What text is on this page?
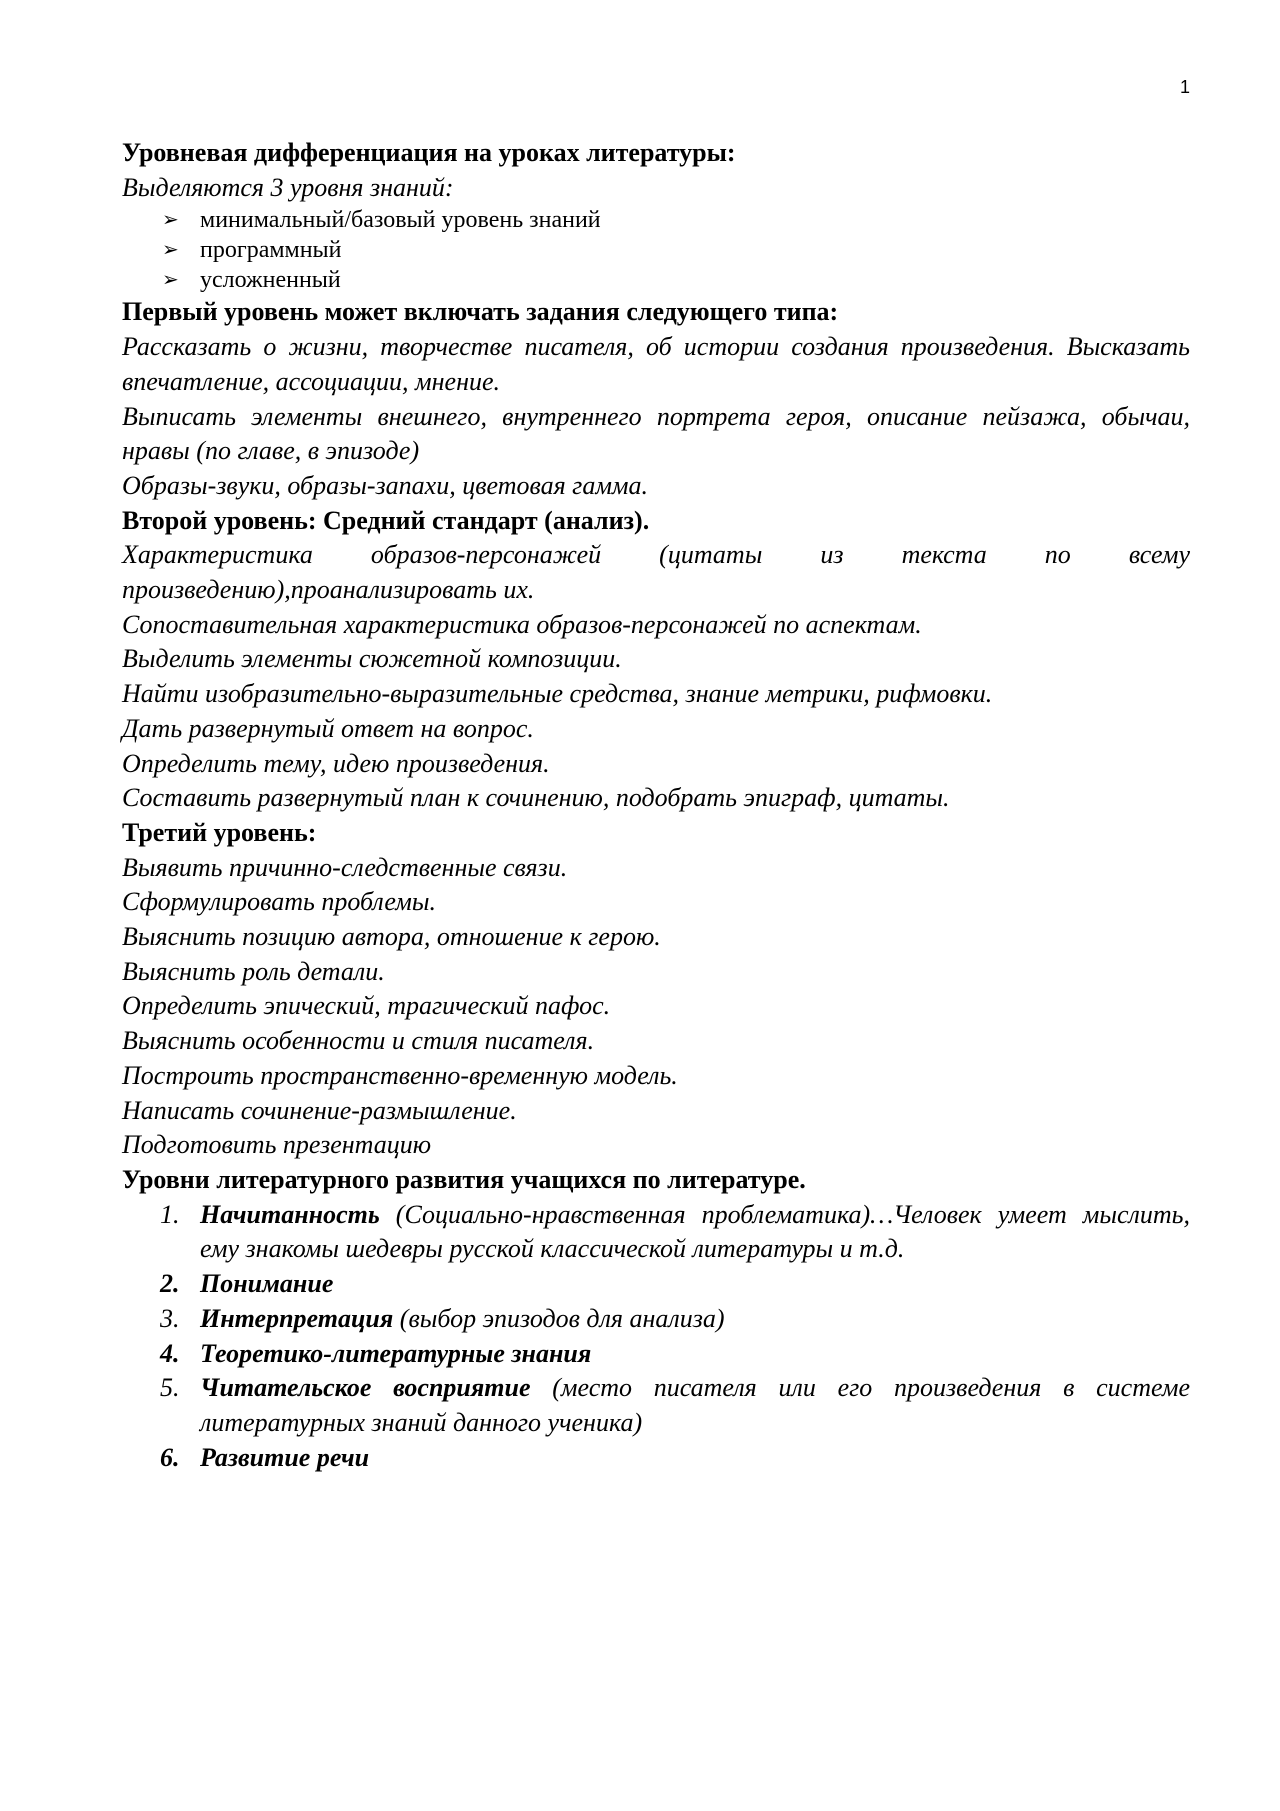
1

Уровневая дифференциация на уроках литературы:

Выделяются 3 уровня знаний:

➢ минимальный/базовый уровень знаний
➢ программный
➢ усложненный

Первый уровень может включать задания следующего типа:

Рассказать о жизни, творчестве писателя, об истории создания произведения. Высказать впечатление, ассоциации, мнение.

Выписать элементы внешнего, внутреннего портрета героя, описание пейзажа, обычаи, нравы (по главе, в эпизоде)

Образы-звуки, образы-запахи, цветовая гамма.

Второй уровень: Средний стандарт (анализ).

Характеристика образов-персонажей (цитаты из текста по всему произведению),проанализировать их.

Сопоставительная характеристика образов-персонажей по аспектам.

Выделить элементы сюжетной композиции.

Найти изобразительно-выразительные средства, знание метрики, рифмовки.

Дать развернутый ответ на вопрос.

Определить тему, идею произведения.

Составить развернутый план к сочинению, подобрать эпиграф, цитаты.

Третий уровень:

Выявить причинно-следственные связи.

Сформулировать проблемы.

Выяснить позицию автора, отношение к герою.

Выяснить роль детали.

Определить эпический, трагический пафос.

Выяснить особенности и стиля писателя.

Построить пространственно-временную модель.

Написать сочинение-размышление.

Подготовить презентацию

Уровни литературного развития учащихся по литературе.

1. Начитанность (Социально-нравственная проблематика)…Человек умеет мыслить, ему знакомы шедевры русской классической литературы и т.д.
2. Понимание
3. Интерпретация (выбор эпизодов для анализа)
4. Теоретико-литературные знания
5. Читательское восприятие (место писателя или его произведения в системе литературных знаний данного ученика)
6. Развитие речи
